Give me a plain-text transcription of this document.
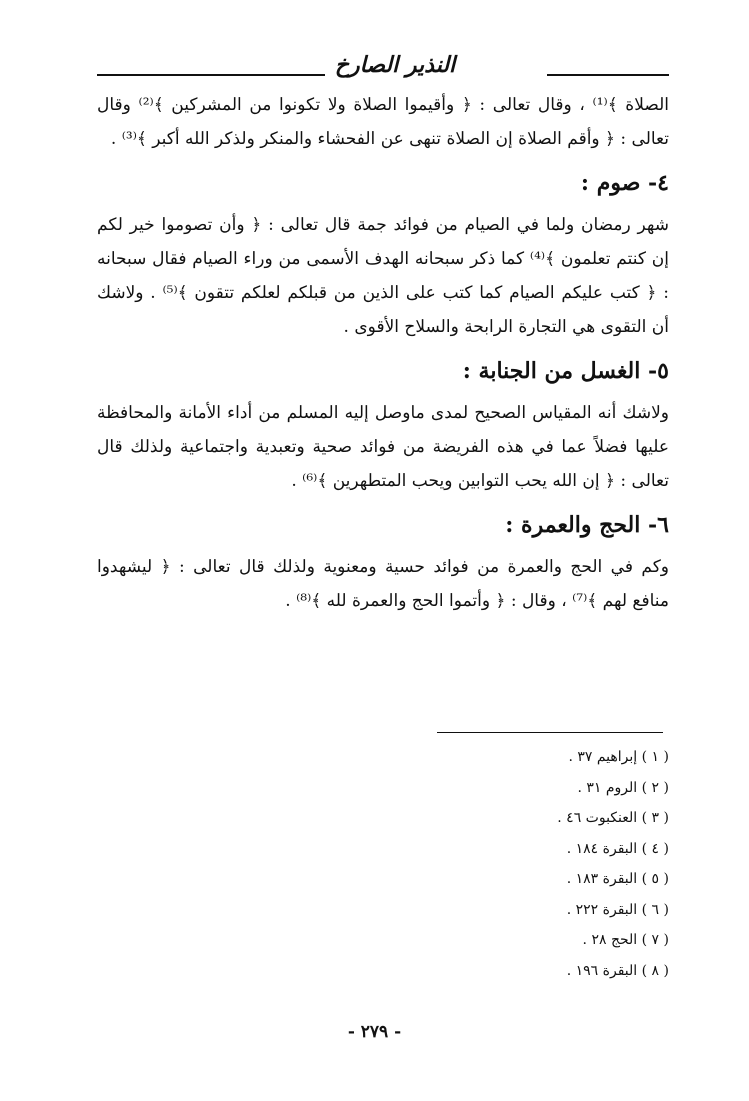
النذير الصارخ

الصلاة ﴾⁽¹⁾ ، وقال تعالى : ﴿ وأقيموا الصلاة ولا تكونوا من المشركين ﴾⁽²⁾ وقال تعالى : ﴿ وأقم الصلاة إن الصلاة تنهى عن الفحشاء والمنكر ولذكر الله أكبر ﴾⁽³⁾ .

٤- صوم :

شهر رمضان ولما في الصيام من فوائد جمة قال تعالى : ﴿ وأن تصوموا خير لكم إن كنتم تعلمون ﴾⁽⁴⁾ كما ذكر سبحانه الهدف الأسمى من وراء الصيام فقال سبحانه : ﴿ كتب عليكم الصيام كما كتب على الذين من قبلكم لعلكم تتقون ﴾⁽⁵⁾ . ولاشك أن التقوى هي التجارة الرابحة والسلاح الأقوى .

٥- الغسل من الجنابة :

ولاشك أنه المقياس الصحيح لمدى ماوصل إليه المسلم من أداء الأمانة والمحافظة عليها فضلاً عما في هذه الفريضة من فوائد صحية وتعبدية واجتماعية ولذلك قال تعالى : ﴿ إن الله يحب التوابين ويحب المتطهرين ﴾⁽⁶⁾ .

٦- الحج والعمرة :

وكم في الحج والعمرة من فوائد حسية ومعنوية ولذلك قال تعالى : ﴿ ليشهدوا منافع لهم ﴾⁽⁷⁾ ، وقال : ﴿ وأتموا الحج والعمرة لله ﴾⁽⁸⁾ .

( ١ ) إبراهيم ٣٧ .
( ٢ ) الروم ٣١ .
( ٣ ) العنكبوت ٤٦ .
( ٤ ) البقرة ١٨٤ .
( ٥ ) البقرة ١٨٣ .
( ٦ ) البقرة ٢٢٢ .
( ٧ ) الحج ٢٨ .
( ٨ ) البقرة ١٩٦ .
- ٢٧٩ -
